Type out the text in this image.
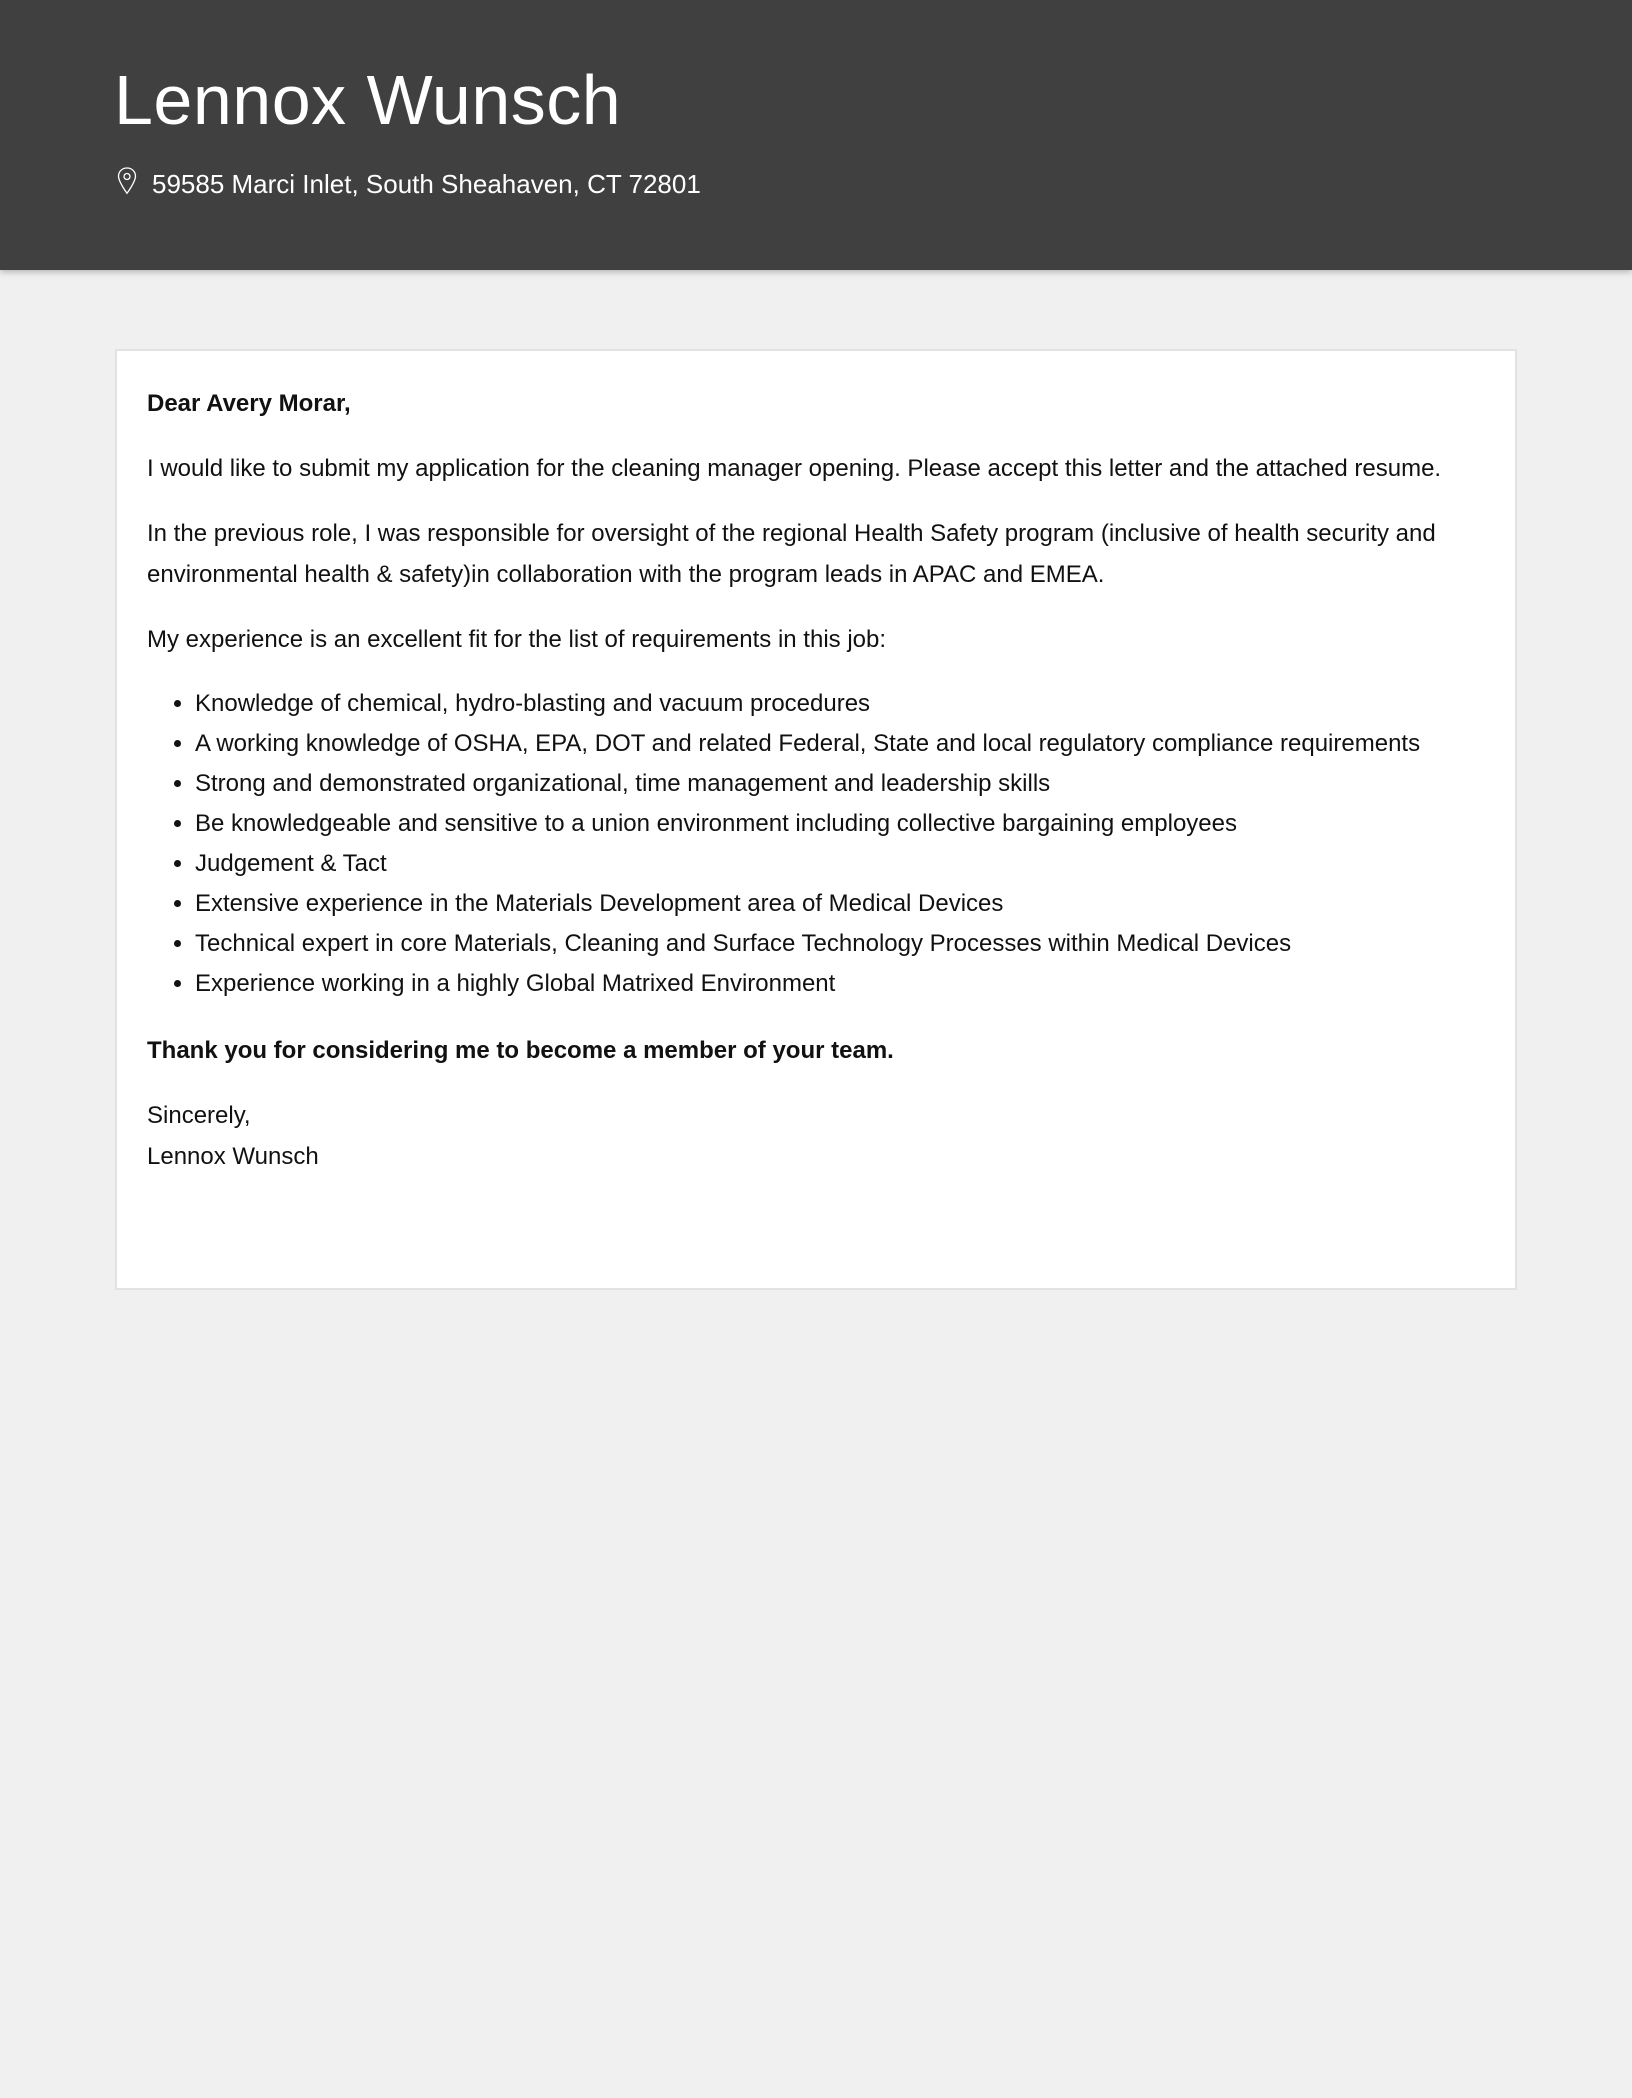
Lennox Wunsch
59585 Marci Inlet, South Sheahaven, CT 72801

Dear Avery Morar,

I would like to submit my application for the cleaning manager opening. Please accept this letter and the attached resume.

In the previous role, I was responsible for oversight of the regional Health Safety program (inclusive of health security and environmental health & safety)in collaboration with the program leads in APAC and EMEA.

My experience is an excellent fit for the list of requirements in this job:

• Knowledge of chemical, hydro-blasting and vacuum procedures
• A working knowledge of OSHA, EPA, DOT and related Federal, State and local regulatory compliance requirements
• Strong and demonstrated organizational, time management and leadership skills
• Be knowledgeable and sensitive to a union environment including collective bargaining employees
• Judgement & Tact
• Extensive experience in the Materials Development area of Medical Devices
• Technical expert in core Materials, Cleaning and Surface Technology Processes within Medical Devices
• Experience working in a highly Global Matrixed Environment

Thank you for considering me to become a member of your team.

Sincerely,
Lennox Wunsch
